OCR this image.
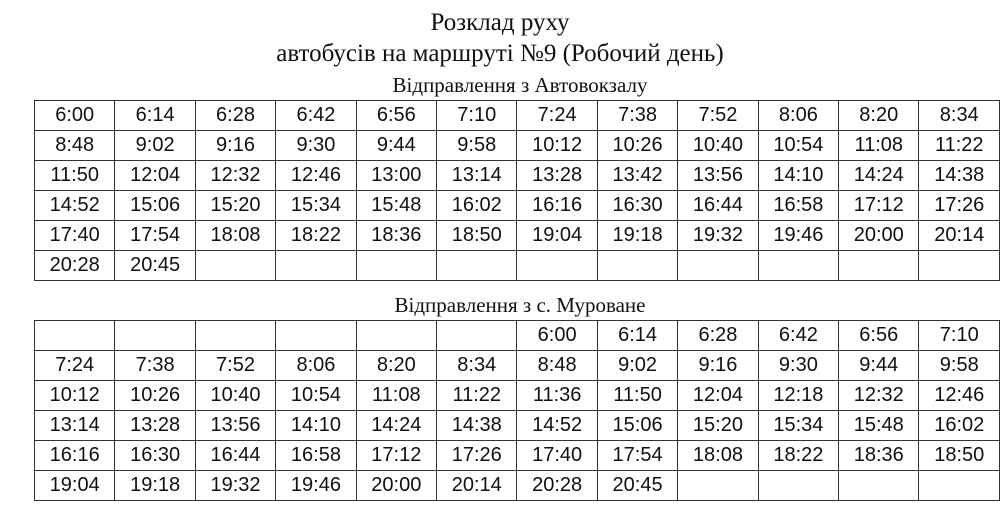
Розклад руху
автобусів на маршруті №9 (Робочий день)
Відправлення з Автовокзалу
6:00	6:14	6:28	6:42	6:56	7:10	7:24	7:38	7:52	8:06	8:20	8:34
8:48	9:02	9:16	9:30	9:44	9:58	10:12	10:26	10:40	10:54	11:08	11:22
11:50	12:04	12:32	12:46	13:00	13:14	13:28	13:42	13:56	14:10	14:24	14:38
14:52	15:06	15:20	15:34	15:48	16:02	16:16	16:30	16:44	16:58	17:12	17:26
17:40	17:54	18:08	18:22	18:36	18:50	19:04	19:18	19:32	19:46	20:00	20:14
20:28	20:45										
Відправлення з с. Муроване
						6:00	6:14	6:28	6:42	6:56	7:10
7:24	7:38	7:52	8:06	8:20	8:34	8:48	9:02	9:16	9:30	9:44	9:58
10:12	10:26	10:40	10:54	11:08	11:22	11:36	11:50	12:04	12:18	12:32	12:46
13:14	13:28	13:56	14:10	14:24	14:38	14:52	15:06	15:20	15:34	15:48	16:02
16:16	16:30	16:44	16:58	17:12	17:26	17:40	17:54	18:08	18:22	18:36	18:50
19:04	19:18	19:32	19:46	20:00	20:14	20:28	20:45				
